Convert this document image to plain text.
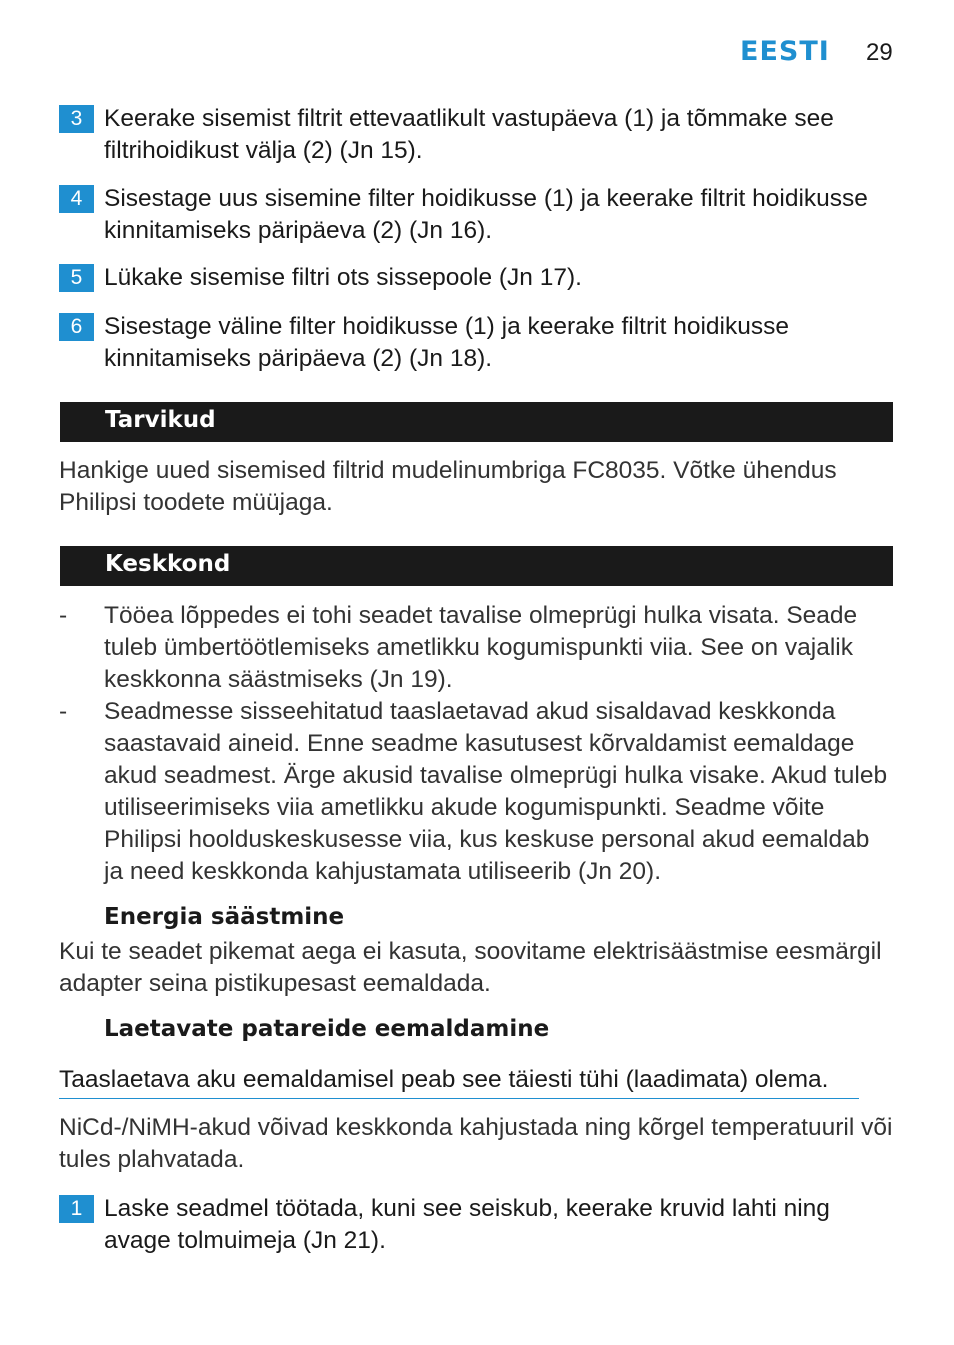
EESTI 29
3 Keerake sisemist filtrit ettevaatlikult vastupäeva (1) ja tõmmake see filtrihoidikust välja (2) (Jn 15).
4 Sisestage uus sisemine filter hoidikusse (1) ja keerake filtrit hoidikusse kinnitamiseks päripäeva (2) (Jn 16).
5 Lükake sisemise filtri ots sissepoole (Jn 17).
6 Sisestage väline filter hoidikusse (1) ja keerake filtrit hoidikusse kinnitamiseks päripäeva (2) (Jn 18).
Tarvikud
Hankige uued sisemised filtrid mudelinumbriga FC8035. Võtke ühendus Philipsi toodete müüjaga.
Keskkond
- Tööea lõppedes ei tohi seadet tavalise olmeprügi hulka visata. Seade tuleb ümbertöötlemiseks ametlikku kogumispunkti viia. See on vajalik keskkonna säästmiseks (Jn 19).
- Seadmesse sisseehitatud taaslaetavad akud sisaldavad keskkonda saastavaid aineid. Enne seadme kasutusest kõrvaldamist eemaldage akud seadmest. Ärge akusid tavalise olmeprügi hulka visake. Akud tuleb utiliseerimiseks viia ametlikku akude kogumispunkti. Seadme võite Philipsi hoolduskeskusesse viia, kus keskuse personal akud eemaldab ja need keskkonda kahjustamata utiliseerib (Jn 20).
Energia säästmine
Kui te seadet pikemat aega ei kasuta, soovitame elektrisäästmise eesmärgil adapter seina pistikupesast eemaldada.
Laetavate patareide eemaldamine
Taaslaetava aku eemaldamisel peab see täiesti tühi (laadimata) olema.
NiCd-/NiMH-akud võivad keskkonda kahjustada ning kõrgel temperatuuril või tules plahvatada.
1 Laske seadmel töötada, kuni see seiskub, keerake kruvid lahti ning avage tolmuimeja (Jn 21).
